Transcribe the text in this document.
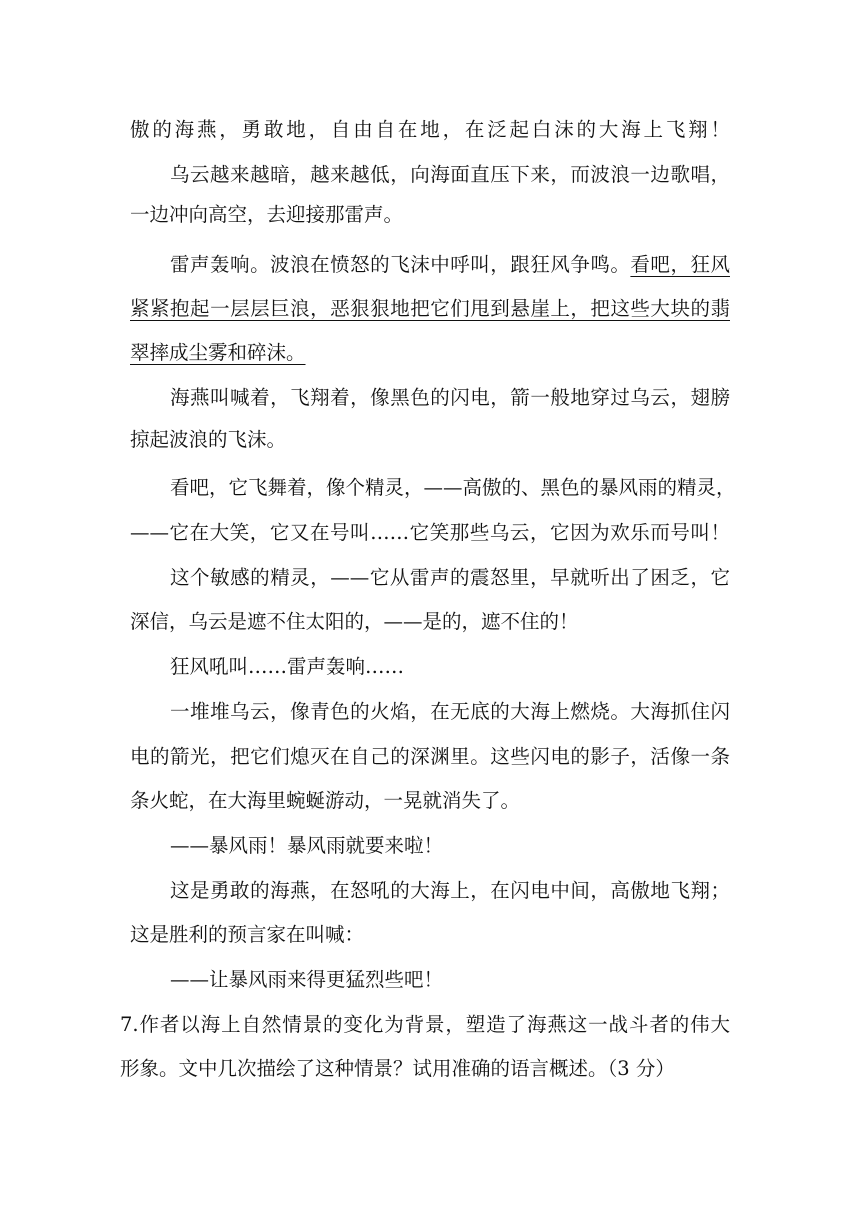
傲的海燕，勇敢地，自由自在地，在泛起白沫的大海上飞翔！
乌云越来越暗，越来越低，向海面直压下来，而波浪一边歌唱，
一边冲向高空，去迎接那雷声。
雷声轰响。波浪在愤怒的飞沫中呼叫，跟狂风争鸣。看吧，狂风
紧紧抱起一层层巨浪，恶狠狠地把它们甩到悬崖上，把这些大块的翡
翠摔成尘雾和碎沫。
海燕叫喊着，飞翔着，像黑色的闪电，箭一般地穿过乌云，翅膀
掠起波浪的飞沫。
看吧，它飞舞着，像个精灵，——高傲的、黑色的暴风雨的精灵，
——它在大笑，它又在号叫……它笑那些乌云，它因为欢乐而号叫！
这个敏感的精灵，——它从雷声的震怒里，早就听出了困乏，它
深信，乌云是遮不住太阳的，——是的，遮不住的！
狂风吼叫……雷声轰响……
一堆堆乌云，像青色的火焰，在无底的大海上燃烧。大海抓住闪
电的箭光，把它们熄灭在自己的深渊里。这些闪电的影子，活像一条
条火蛇，在大海里蜿蜒游动，一晃就消失了。
——暴风雨！暴风雨就要来啦！
这是勇敢的海燕，在怒吼的大海上，在闪电中间，高傲地飞翔；
这是胜利的预言家在叫喊：
——让暴风雨来得更猛烈些吧！
7.作者以海上自然情景的变化为背景，塑造了海燕这一战斗者的伟大
形象。文中几次描绘了这种情景？试用准确的语言概述。（3 分）
